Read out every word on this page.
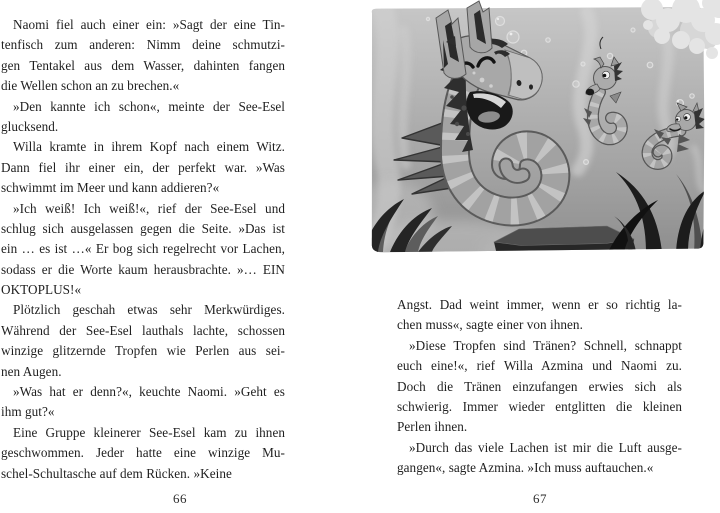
Naomi fiel auch einer ein: »Sagt der eine Tin-
tenfisch zum anderen: Nimm deine schmutzi-
gen Tentakel aus dem Wasser, dahinten fangen
die Wellen schon an zu brechen.«
»Den kannte ich schon«, meinte der See-Esel
glucksend.
Willa kramte in ihrem Kopf nach einem Witz.
Dann fiel ihr einer ein, der perfekt war. »Was
schwimmt im Meer und kann addieren?«
»Ich weiß! Ich weiß!«, rief der See-Esel und
schlug sich ausgelassen gegen die Seite. »Das ist
ein … es ist …« Er bog sich regelrecht vor Lachen,
sodass er die Worte kaum herausbrachte. »… EIN
OKTOPLUS!«
Plötzlich geschah etwas sehr Merkwürdiges.
Während der See-Esel lauthals lachte, schossen
winzige glitzernde Tropfen wie Perlen aus sei-
nen Augen.
»Was hat er denn?«, keuchte Naomi. »Geht es
ihm gut?«
Eine Gruppe kleinerer See-Esel kam zu ihnen
geschwommen. Jeder hatte eine winzige Mu-
schel-Schultasche auf dem Rücken. »Keine
66
Angst. Dad weint immer, wenn er so richtig la-
chen muss«, sagte einer von ihnen.
»Diese Tropfen sind Tränen? Schnell, schnappt
euch eine!«, rief Willa Azmina und Naomi zu.
Doch die Tränen einzufangen erwies sich als
schwierig. Immer wieder entglitten die kleinen
Perlen ihnen.
»Durch das viele Lachen ist mir die Luft ausge-
gangen«, sagte Azmina. »Ich muss auftauchen.«
67
